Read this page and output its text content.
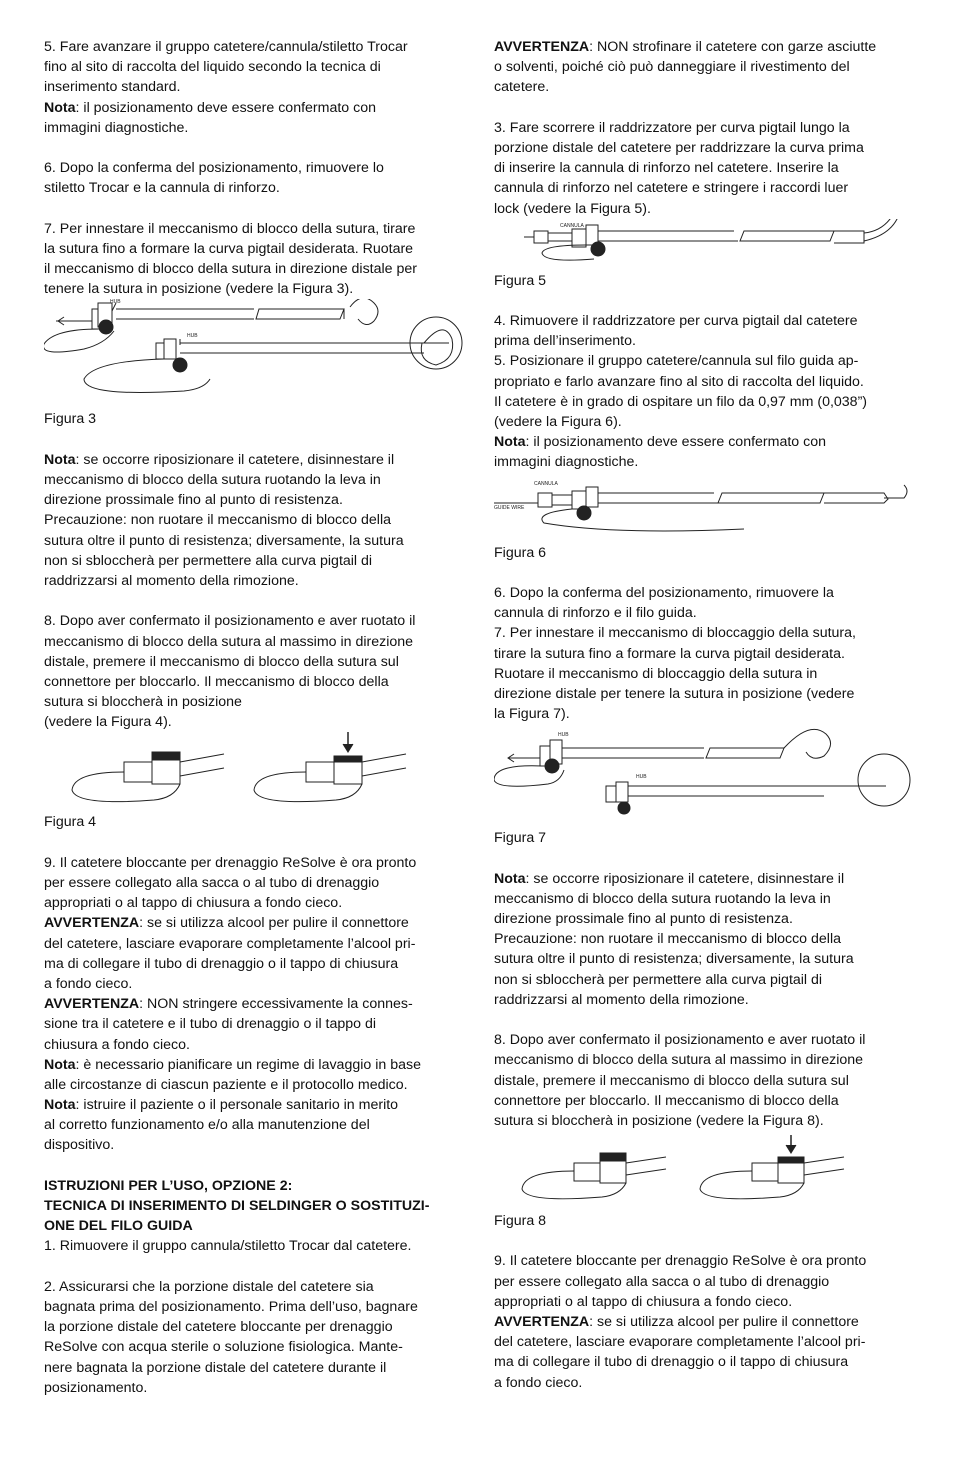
5. Fare avanzare il gruppo catetere/cannula/stiletto Trocar
fino al sito di raccolta del liquido secondo la tecnica di
inserimento standard.
Nota: il posizionamento deve essere confermato con
immagini diagnostiche.
6. Dopo la conferma del posizionamento, rimuovere lo
stiletto Trocar e la cannula di rinforzo.
7. Per innestare il meccanismo di blocco della sutura, tirare
la sutura fino a formare la curva pigtail desiderata. Ruotare
il meccanismo di blocco della sutura in direzione distale per
tenere la sutura in posizione (vedere la Figura 3).
HUB
HUB
Figura 3
Nota: se occorre riposizionare il catetere, disinnestare il
meccanismo di blocco della sutura ruotando la leva in
direzione prossimale fino al punto di resistenza.
Precauzione: non ruotare il meccanismo di blocco della
sutura oltre il punto di resistenza; diversamente, la sutura
non si sbloccherà per permettere alla curva pigtail di
raddrizzarsi al momento della rimozione.
8. Dopo aver confermato il posizionamento e aver ruotato il
meccanismo di blocco della sutura al massimo in direzione
distale, premere il meccanismo di blocco della sutura sul
connettore per bloccarlo. Il meccanismo di blocco della
sutura si bloccherà in posizione
(vedere la Figura 4).
Figura 4
9. Il catetere bloccante per drenaggio ReSolve è ora pronto
per essere collegato alla sacca o al tubo di drenaggio
appropriati o al tappo di chiusura a fondo cieco.
AVVERTENZA: se si utilizza alcool per pulire il connettore
del catetere, lasciare evaporare completamente l’alcool pri-
ma di collegare il tubo di drenaggio o il tappo di chiusura
a fondo cieco.
AVVERTENZA: NON stringere eccessivamente la connes-
sione tra il catetere e il tubo di drenaggio o il tappo di
chiusura a fondo cieco.
Nota: è necessario pianificare un regime di lavaggio in base
alle circostanze di ciascun paziente e il protocollo medico.
Nota: istruire il paziente o il personale sanitario in merito
al corretto funzionamento e/o alla manutenzione del
dispositivo.
ISTRUZIONI PER L’USO, OPZIONE 2:
TECNICA DI INSERIMENTO DI SELDINGER O SOSTITUZI-
ONE DEL FILO GUIDA
1. Rimuovere il gruppo cannula/stiletto Trocar dal catetere.
2. Assicurarsi che la porzione distale del catetere sia
bagnata prima del posizionamento. Prima dell’uso, bagnare
la porzione distale del catetere bloccante per drenaggio
ReSolve con acqua sterile o soluzione fisiologica. Mante-
nere bagnata la porzione distale del catetere durante il
posizionamento.
AVVERTENZA: NON strofinare il catetere con garze asciutte
o solventi, poiché ciò può danneggiare il rivestimento del
catetere.
3. Fare scorrere il raddrizzatore per curva pigtail lungo la
porzione distale del catetere per raddrizzare la curva prima
di inserire la cannula di rinforzo nel catetere. Inserire la
cannula di rinforzo nel catetere e stringere i raccordi luer
lock (vedere la Figura 5).
CANNULA
Figura 5
4. Rimuovere il raddrizzatore per curva pigtail dal catetere
prima dell’inserimento.
5. Posizionare il gruppo catetere/cannula sul filo guida ap-
propriato e farlo avanzare fino al sito di raccolta del liquido.
Il catetere è in grado di ospitare un filo da 0,97 mm (0,038”)
(vedere la Figura 6).
Nota: il posizionamento deve essere confermato con
immagini diagnostiche.
CANNULA
GUIDE WIRE
Figura 6
6. Dopo la conferma del posizionamento, rimuovere la
cannula di rinforzo e il filo guida.
7. Per innestare il meccanismo di bloccaggio della sutura,
tirare la sutura fino a formare la curva pigtail desiderata.
Ruotare il meccanismo di bloccaggio della sutura in
direzione distale per tenere la sutura in posizione (vedere
la Figura 7).
HUB
HUB
Figura 7
Nota: se occorre riposizionare il catetere, disinnestare il
meccanismo di blocco della sutura ruotando la leva in
direzione prossimale fino al punto di resistenza.
Precauzione: non ruotare il meccanismo di blocco della
sutura oltre il punto di resistenza; diversamente, la sutura
non si sbloccherà per permettere alla curva pigtail di
raddrizzarsi al momento della rimozione.
8. Dopo aver confermato il posizionamento e aver ruotato il
meccanismo di blocco della sutura al massimo in direzione
distale, premere il meccanismo di blocco della sutura sul
connettore per bloccarlo. Il meccanismo di blocco della
sutura si bloccherà in posizione (vedere la Figura 8).
Figura 8
9. Il catetere bloccante per drenaggio ReSolve è ora pronto
per essere collegato alla sacca o al tubo di drenaggio
appropriati o al tappo di chiusura a fondo cieco.
AVVERTENZA: se si utilizza alcool per pulire il connettore
del catetere, lasciare evaporare completamente l’alcool pri-
ma di collegare il tubo di drenaggio o il tappo di chiusura
a fondo cieco.
